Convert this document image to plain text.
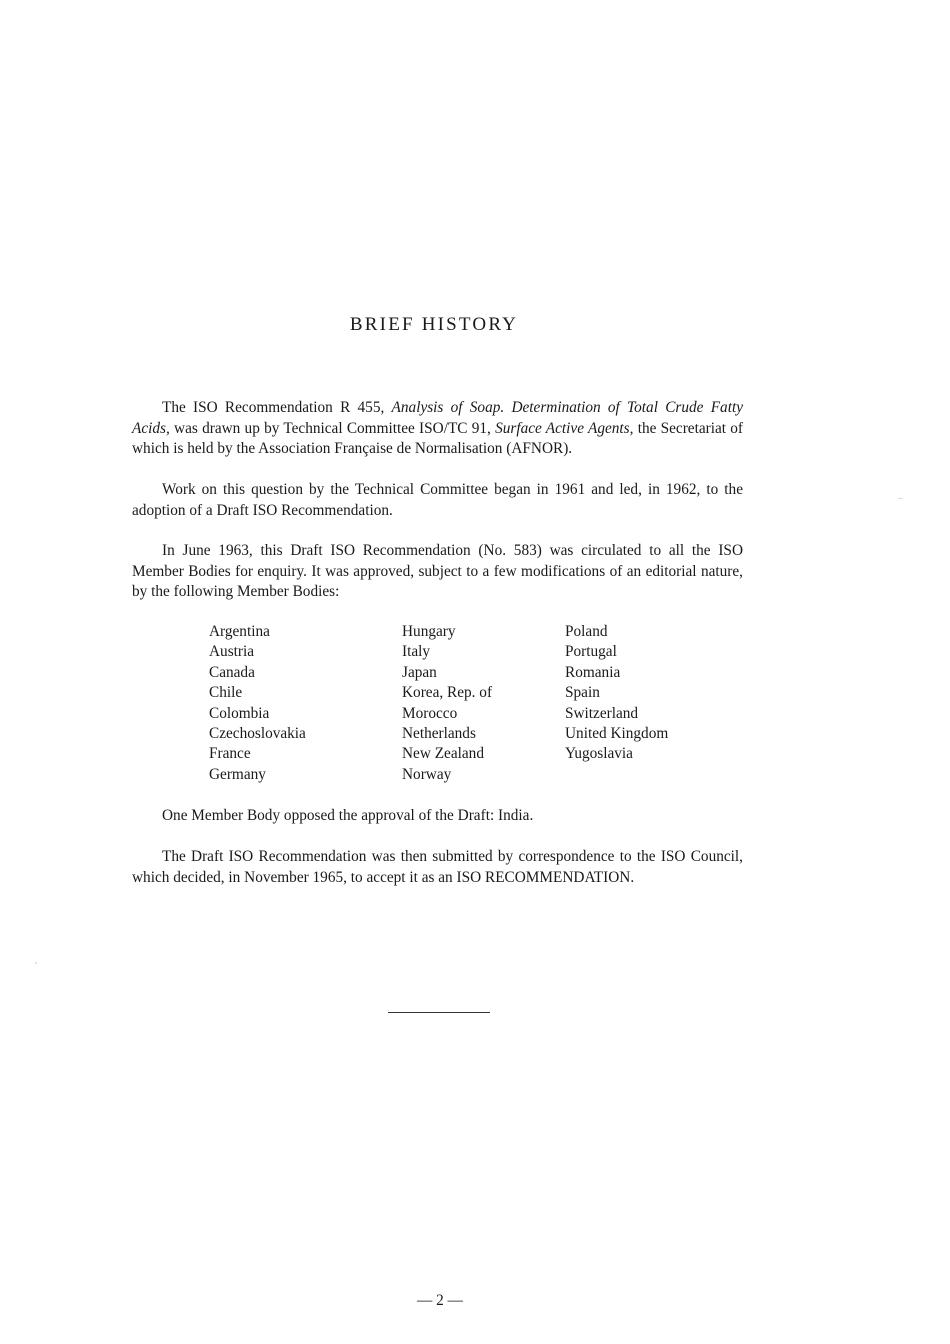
BRIEF HISTORY

The ISO Recommendation R 455, Analysis of Soap. Determination of Total Crude Fatty Acids, was drawn up by Technical Committee ISO/TC 91, Surface Active Agents, the Secretariat of which is held by the Association Française de Normalisation (AFNOR).

Work on this question by the Technical Committee began in 1961 and led, in 1962, to the adoption of a Draft ISO Recommendation.

In June 1963, this Draft ISO Recommendation (No. 583) was circulated to all the ISO Member Bodies for enquiry. It was approved, subject to a few modifications of an editorial nature, by the following Member Bodies:

Argentina
Austria
Canada
Chile
Colombia
Czechoslovakia
France
Germany
Hungary
Italy
Japan
Korea, Rep. of
Morocco
Netherlands
New Zealand
Norway
Poland
Portugal
Romania
Spain
Switzerland
United Kingdom
Yugoslavia

One Member Body opposed the approval of the Draft: India.

The Draft ISO Recommendation was then submitted by correspondence to the ISO Council, which decided, in November 1965, to accept it as an ISO RECOMMENDATION.

— 2 —
